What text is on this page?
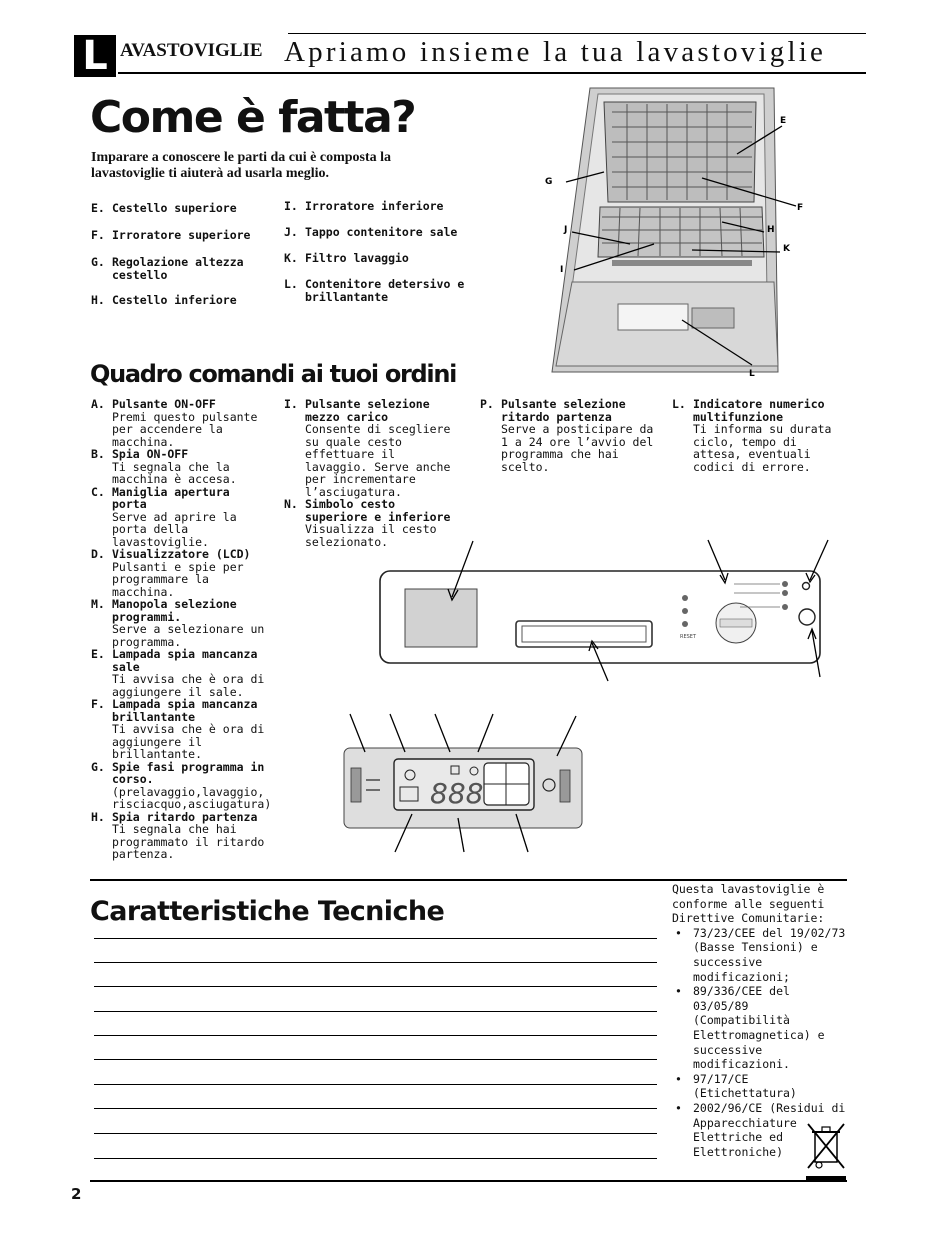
L AVASTOVIGLIE Apriamo insieme la tua lavastoviglie
Come è fatta?
Imparare a conoscere le parti da cui è composta la lavastoviglie ti aiuterà ad usarla meglio.
E. Cestello superiore
F. Irroratore superiore
G. Regolazione altezza cestello
H. Cestello inferiore
I. Irroratore inferiore
J. Tappo contenitore sale
K. Filtro lavaggio
L. Contenitore detersivo e brillantante
E
F
G
H
I
J
K
L
Quadro comandi ai tuoi ordini
A. Pulsante ON-OFF
Premi questo pulsante per accendere la macchina.
B. Spia ON-OFF
Ti segnala che la macchina è accesa.
C. Maniglia apertura porta
Serve ad aprire la porta della lavastoviglie.
D. Visualizzatore (LCD)
Pulsanti e spie per programmare la macchina.
M. Manopola selezione programmi.
Serve a selezionare un programma.
E. Lampada spia mancanza sale
Ti avvisa che è ora di aggiungere il sale.
F. Lampada spia mancanza brillantante
Ti avvisa che è ora di aggiungere il brillantante.
G. Spie fasi programma in corso.
(prelavaggio,lavaggio, risciacquo,asciugatura)
H. Spia ritardo partenza
Ti segnala che hai programmato il ritardo partenza.
I. Pulsante selezione mezzo carico
Consente di scegliere su quale cesto effettuare il lavaggio. Serve anche per incrementare l’asciugatura.
N. Simbolo cesto superiore e inferiore
Visualizza il cesto selezionato.
P. Pulsante selezione ritardo partenza
Serve a posticipare da 1 a 24 ore l’avvio del programma che hai scelto.
L. Indicatore numerico multifunzione
Ti informa su durata ciclo, tempo di attesa, eventuali codici di errore.
RESET
888
Caratteristiche Tecniche
Questa lavastoviglie è conforme alle seguenti Direttive Comunitarie:
• 73/23/CEE del 19/02/73 (Basse Tensioni) e successive modificazioni;
• 89/336/CEE del 03/05/89 (Compatibilità Elettromagnetica) e successive modificazioni.
• 97/17/CE (Etichettatura)
• 2002/96/CE (Residui di Apparecchiature Elettriche ed Elettroniche)
2
